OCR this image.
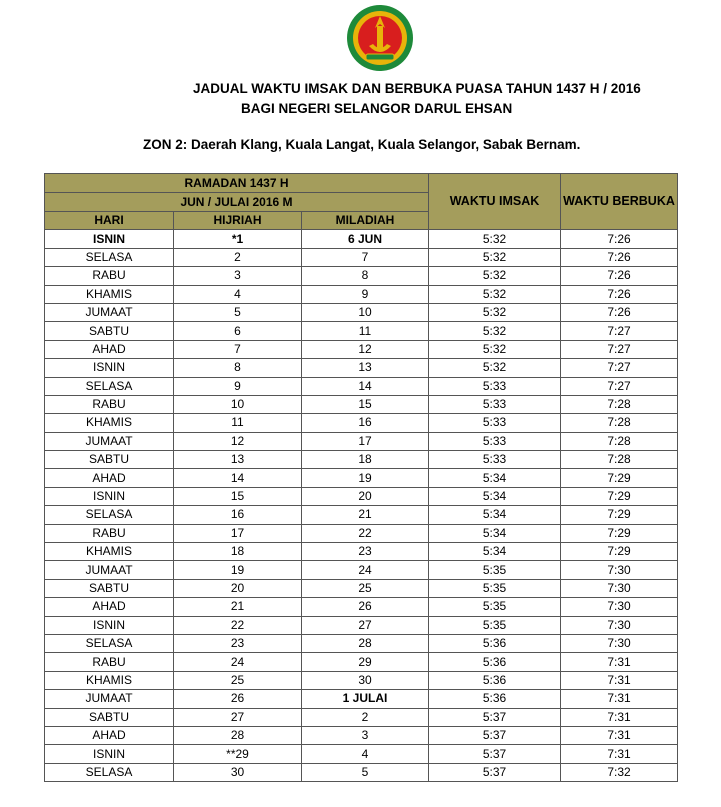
JADUAL WAKTU IMSAK DAN BERBUKA PUASA TAHUN 1437 H / 2016
BAGI NEGERI SELANGOR DARUL EHSAN
ZON 2: Daerah Klang, Kuala Langat, Kuala Selangor, Sabak Bernam.
RAMADAN 1437 H			WAKTU IMSAK	WAKTU BERBUKA
JUN / JULAI 2016 M				
HARI	HIJRIAH	MILADIAH		
ISNIN	*1	6 JUN	5:32	7:26
SELASA	2	7	5:32	7:26
RABU	3	8	5:32	7:26
KHAMIS	4	9	5:32	7:26
JUMAAT	5	10	5:32	7:26
SABTU	6	11	5:32	7:27
AHAD	7	12	5:32	7:27
ISNIN	8	13	5:32	7:27
SELASA	9	14	5:33	7:27
RABU	10	15	5:33	7:28
KHAMIS	11	16	5:33	7:28
JUMAAT	12	17	5:33	7:28
SABTU	13	18	5:33	7:28
AHAD	14	19	5:34	7:29
ISNIN	15	20	5:34	7:29
SELASA	16	21	5:34	7:29
RABU	17	22	5:34	7:29
KHAMIS	18	23	5:34	7:29
JUMAAT	19	24	5:35	7:30
SABTU	20	25	5:35	7:30
AHAD	21	26	5:35	7:30
ISNIN	22	27	5:35	7:30
SELASA	23	28	5:36	7:30
RABU	24	29	5:36	7:31
KHAMIS	25	30	5:36	7:31
JUMAAT	26	1 JULAI	5:36	7:31
SABTU	27	2	5:37	7:31
AHAD	28	3	5:37	7:31
ISNIN	**29	4	5:37	7:31
SELASA	30	5	5:37	7:32
